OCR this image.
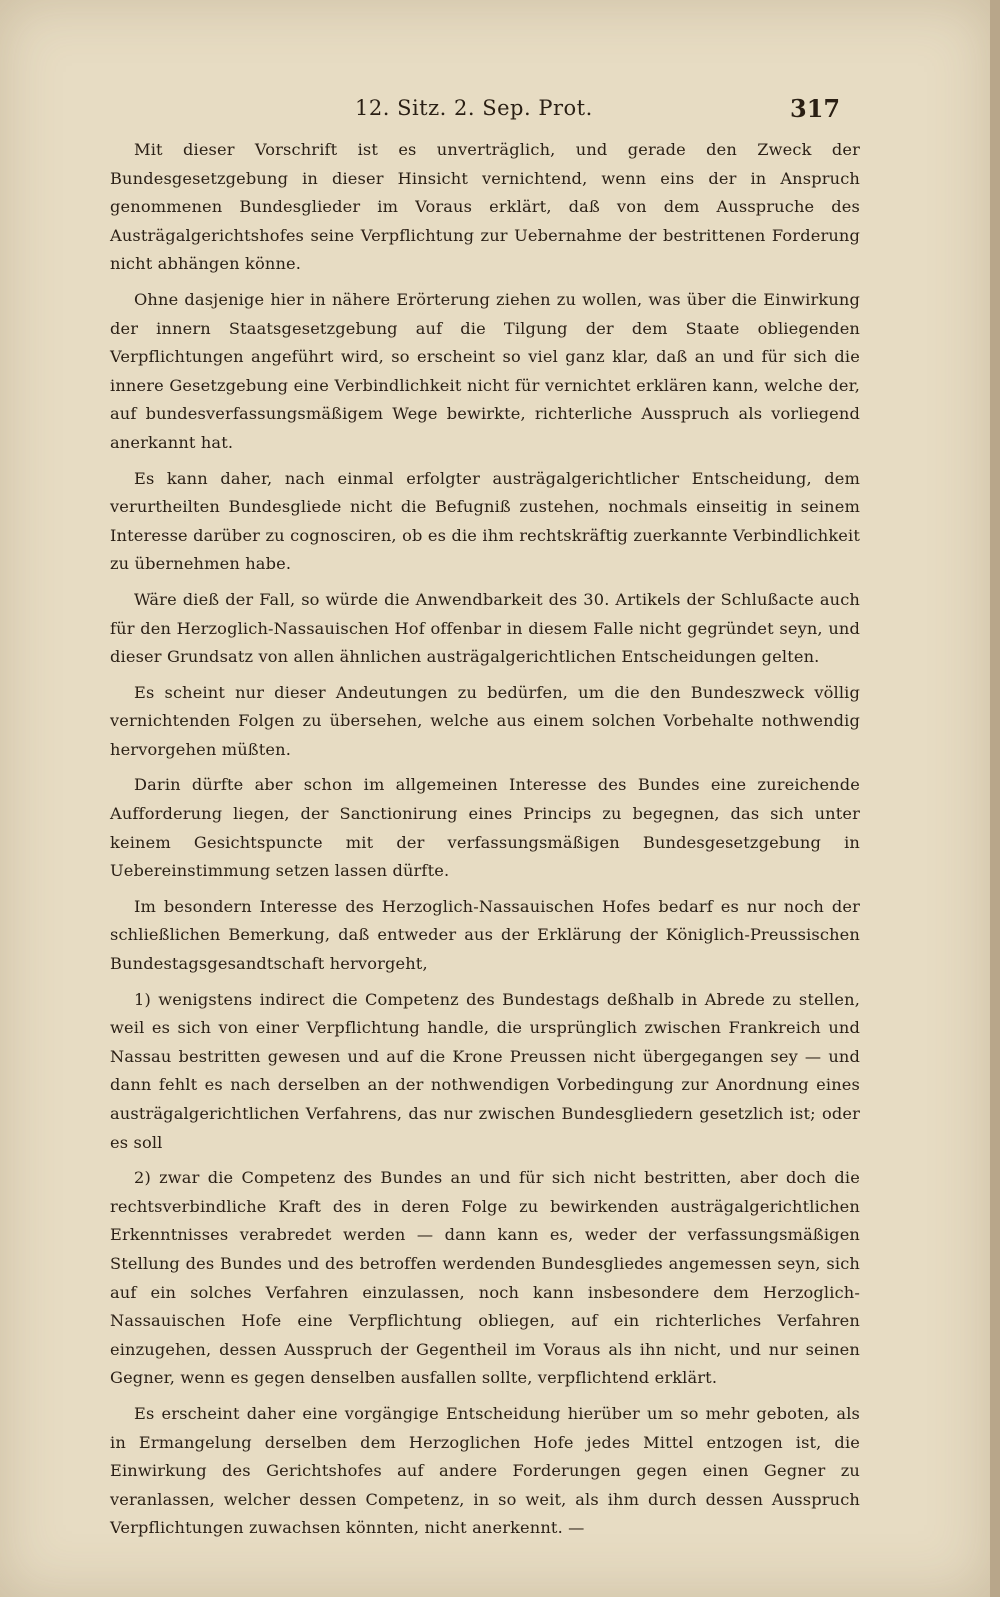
12. Sitz. 2. Sep. Prot.	317

Mit dieser Vorschrift ist es unverträglich, und gerade den Zweck der Bundesgesetzgebung in dieser Hinsicht vernichtend, wenn eins der in Anspruch genommenen Bundesglieder im Voraus erklärt, daß von dem Ausspruche des Austrägalgerichtshofes seine Verpflichtung zur Uebernahme der bestrittenen Forderung nicht abhängen könne.

Ohne dasjenige hier in nähere Erörterung ziehen zu wollen, was über die Einwirkung der innern Staatsgesetzgebung auf die Tilgung der dem Staate obliegenden Verpflichtungen angeführt wird, so erscheint so viel ganz klar, daß an und für sich die innere Gesetzgebung eine Verbindlichkeit nicht für vernichtet erklären kann, welche der, auf bundesverfassungsmäßigem Wege bewirkte, richterliche Ausspruch als vorliegend anerkannt hat.

Es kann daher, nach einmal erfolgter austrägalgerichtlicher Entscheidung, dem verurtheilten Bundesgliede nicht die Befugniß zustehen, nochmals einseitig in seinem Interesse darüber zu cognosciren, ob es die ihm rechtskräftig zuerkannte Verbindlichkeit zu übernehmen habe.

Wäre dieß der Fall, so würde die Anwendbarkeit des 30. Artikels der Schlußacte auch für den Herzoglich-Nassauischen Hof offenbar in diesem Falle nicht gegründet seyn, und dieser Grundsatz von allen ähnlichen austrägalgerichtlichen Entscheidungen gelten.

Es scheint nur dieser Andeutungen zu bedürfen, um die den Bundeszweck völlig vernichtenden Folgen zu übersehen, welche aus einem solchen Vorbehalte nothwendig hervorgehen müßten.

Darin dürfte aber schon im allgemeinen Interesse des Bundes eine zureichende Aufforderung liegen, der Sanctionirung eines Princips zu begegnen, das sich unter keinem Gesichtspuncte mit der verfassungsmäßigen Bundesgesetzgebung in Uebereinstimmung setzen lassen dürfte.

Im besondern Interesse des Herzoglich-Nassauischen Hofes bedarf es nur noch der schließlichen Bemerkung, daß entweder aus der Erklärung der Königlich-Preussischen Bundestagsgesandtschaft hervorgeht,

1) wenigstens indirect die Competenz des Bundestags deßhalb in Abrede zu stellen, weil es sich von einer Verpflichtung handle, die ursprünglich zwischen Frankreich und Nassau bestritten gewesen und auf die Krone Preussen nicht übergegangen sey — und dann fehlt es nach derselben an der nothwendigen Vorbedingung zur Anordnung eines austrägalgerichtlichen Verfahrens, das nur zwischen Bundesgliedern gesetzlich ist; oder es soll

2) zwar die Competenz des Bundes an und für sich nicht bestritten, aber doch die rechtsverbindliche Kraft des in deren Folge zu bewirkenden austrägalgerichtlichen Erkenntnisses verabredet werden — dann kann es, weder der verfassungsmäßigen Stellung des Bundes und des betroffen werdenden Bundesgliedes angemessen seyn, sich auf ein solches Verfahren einzulassen, noch kann insbesondere dem Herzoglich-Nassauischen Hofe eine Verpflichtung obliegen, auf ein richterliches Verfahren einzugehen, dessen Ausspruch der Gegentheil im Voraus als ihn nicht, und nur seinen Gegner, wenn es gegen denselben ausfallen sollte, verpflichtend erklärt.

Es erscheint daher eine vorgängige Entscheidung hierüber um so mehr geboten, als in Ermangelung derselben dem Herzoglichen Hofe jedes Mittel entzogen ist, die Einwirkung des Gerichtshofes auf andere Forderungen gegen einen Gegner zu veranlassen, welcher dessen Competenz, in so weit, als ihm durch dessen Ausspruch Verpflichtungen zuwachsen könnten, nicht anerkennt. —
